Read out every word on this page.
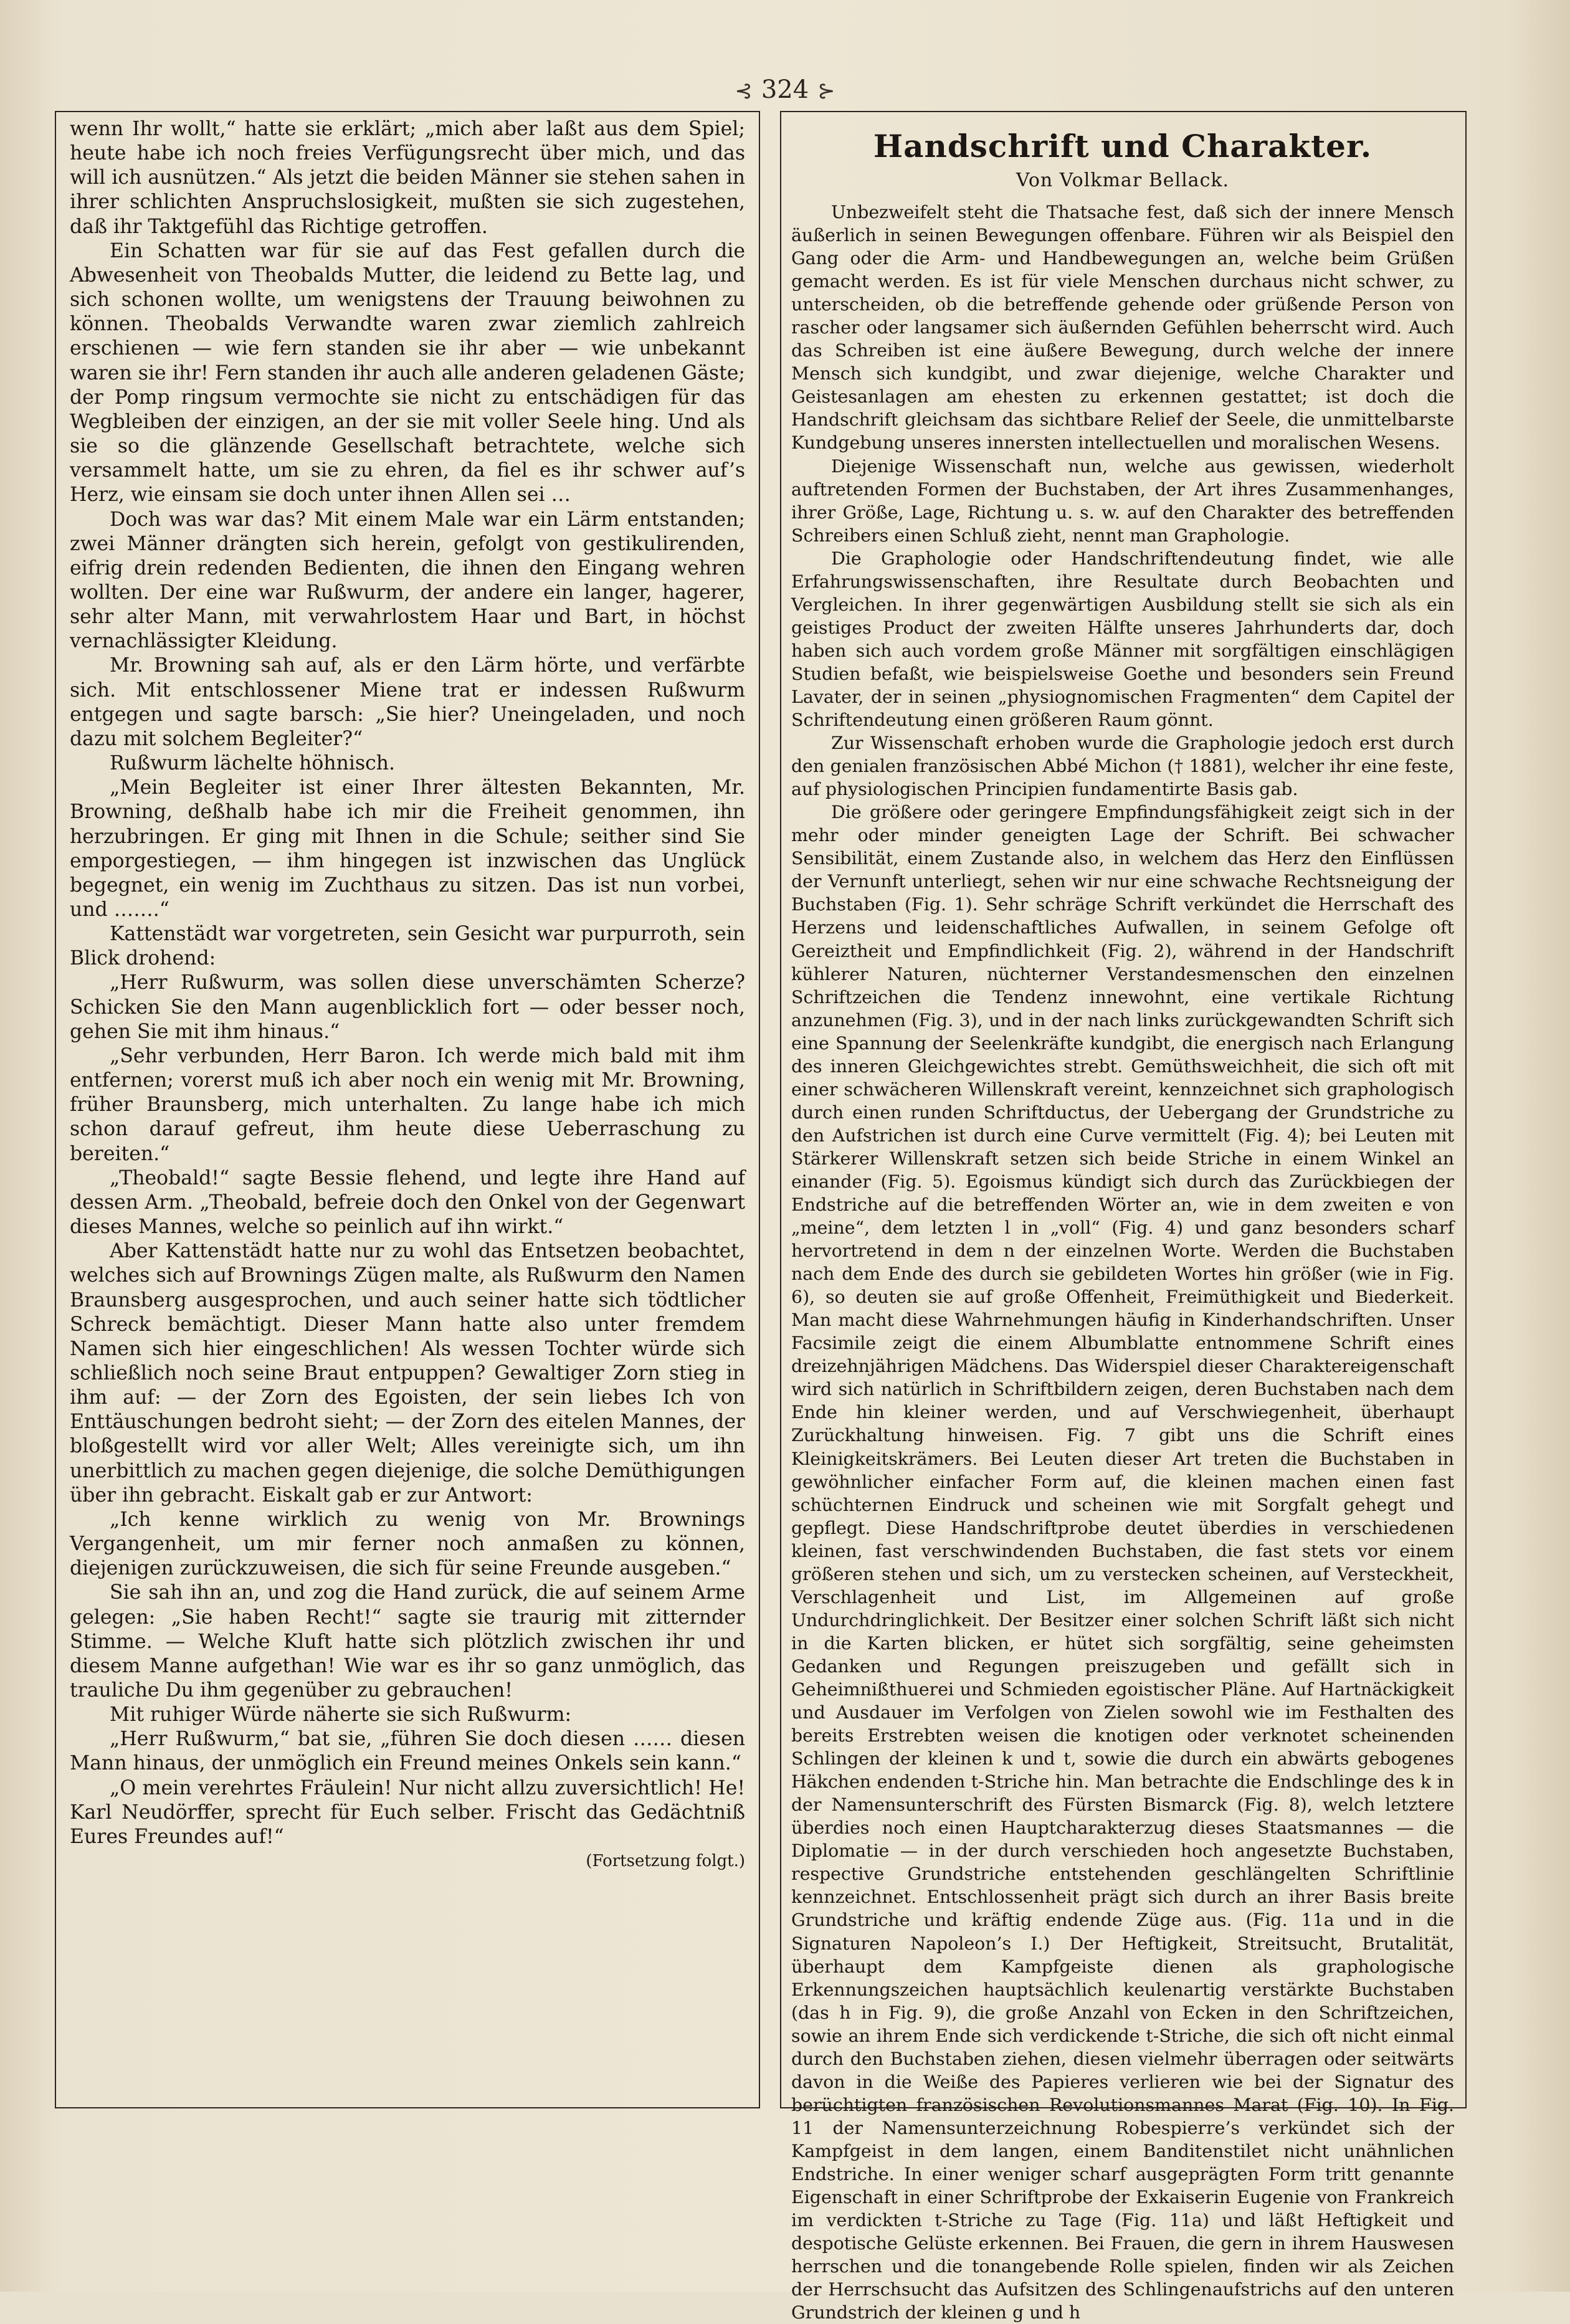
⊰ 324 ⊱

wenn Ihr wollt,“ hatte sie erklärt; „mich aber laßt aus dem Spiel; heute habe ich noch freies Verfügungsrecht über mich, und das will ich ausnützen.“ Als jetzt die beiden Männer sie stehen sahen in ihrer schlichten Anspruchslosigkeit, mußten sie sich zugestehen, daß ihr Taktgefühl das Richtige getroffen.

Ein Schatten war für sie auf das Fest gefallen durch die Abwesenheit von Theobalds Mutter, die leidend zu Bette lag, und sich schonen wollte, um wenigstens der Trauung beiwohnen zu können. Theobalds Verwandte waren zwar ziemlich zahlreich erschienen — wie fern standen sie ihr aber — wie unbekannt waren sie ihr! Fern standen ihr auch alle anderen geladenen Gäste; der Pomp ringsum vermochte sie nicht zu entschädigen für das Wegbleiben der einzigen, an der sie mit voller Seele hing. Und als sie so die glänzende Gesellschaft betrachtete, welche sich versammelt hatte, um sie zu ehren, da fiel es ihr schwer auf’s Herz, wie einsam sie doch unter ihnen Allen sei …

Doch was war das? Mit einem Male war ein Lärm entstanden; zwei Männer drängten sich herein, gefolgt von gestikulirenden, eifrig drein redenden Bedienten, die ihnen den Eingang wehren wollten. Der eine war Rußwurm, der andere ein langer, hagerer, sehr alter Mann, mit verwahrlostem Haar und Bart, in höchst vernachlässigter Kleidung.

Mr. Browning sah auf, als er den Lärm hörte, und verfärbte sich. Mit entschlossener Miene trat er indessen Rußwurm entgegen und sagte barsch: „Sie hier? Uneingeladen, und noch dazu mit solchem Begleiter?“

Rußwurm lächelte höhnisch.

„Mein Begleiter ist einer Ihrer ältesten Bekannten, Mr. Browning, deßhalb habe ich mir die Freiheit genommen, ihn herzubringen. Er ging mit Ihnen in die Schule; seither sind Sie emporgestiegen, — ihm hingegen ist inzwischen das Unglück begegnet, ein wenig im Zuchthaus zu sitzen. Das ist nun vorbei, und …….“

Kattenstädt war vorgetreten, sein Gesicht war purpurroth, sein Blick drohend:

„Herr Rußwurm, was sollen diese unverschämten Scherze? Schicken Sie den Mann augenblicklich fort — oder besser noch, gehen Sie mit ihm hinaus.“

„Sehr verbunden, Herr Baron. Ich werde mich bald mit ihm entfernen; vorerst muß ich aber noch ein wenig mit Mr. Browning, früher Braunsberg, mich unterhalten. Zu lange habe ich mich schon darauf gefreut, ihm heute diese Ueberraschung zu bereiten.“

„Theobald!“ sagte Bessie flehend, und legte ihre Hand auf dessen Arm. „Theobald, befreie doch den Onkel von der Gegenwart dieses Mannes, welche so peinlich auf ihn wirkt.“

Aber Kattenstädt hatte nur zu wohl das Entsetzen beobachtet, welches sich auf Brownings Zügen malte, als Rußwurm den Namen Braunsberg ausgesprochen, und auch seiner hatte sich tödtlicher Schreck bemächtigt. Dieser Mann hatte also unter fremdem Namen sich hier eingeschlichen! Als wessen Tochter würde sich schließlich noch seine Braut entpuppen? Gewaltiger Zorn stieg in ihm auf: — der Zorn des Egoisten, der sein liebes Ich von Enttäuschungen bedroht sieht; — der Zorn des eitelen Mannes, der bloßgestellt wird vor aller Welt; Alles vereinigte sich, um ihn unerbittlich zu machen gegen diejenige, die solche Demüthigungen über ihn gebracht. Eiskalt gab er zur Antwort:

„Ich kenne wirklich zu wenig von Mr. Brownings Vergangenheit, um mir ferner noch anmaßen zu können, diejenigen zurückzuweisen, die sich für seine Freunde ausgeben.“

Sie sah ihn an, und zog die Hand zurück, die auf seinem Arme gelegen: „Sie haben Recht!“ sagte sie traurig mit zitternder Stimme. — Welche Kluft hatte sich plötzlich zwischen ihr und diesem Manne aufgethan! Wie war es ihr so ganz unmöglich, das trauliche Du ihm gegenüber zu gebrauchen!

Mit ruhiger Würde näherte sie sich Rußwurm:

„Herr Rußwurm,“ bat sie, „führen Sie doch diesen …… diesen Mann hinaus, der unmöglich ein Freund meines Onkels sein kann.“

„O mein verehrtes Fräulein! Nur nicht allzu zuversichtlich! He! Karl Neudörffer, sprecht für Euch selber. Frischt das Gedächtniß Eures Freundes auf!“

(Fortsetzung folgt.)

Handschrift und Charakter.
Von Volkmar Bellack.

Unbezweifelt steht die Thatsache fest, daß sich der innere Mensch äußerlich in seinen Bewegungen offenbare. Führen wir als Beispiel den Gang oder die Arm- und Handbewegungen an, welche beim Grüßen gemacht werden. Es ist für viele Menschen durchaus nicht schwer, zu unterscheiden, ob die betreffende gehende oder grüßende Person von rascher oder langsamer sich äußernden Gefühlen beherrscht wird. Auch das Schreiben ist eine äußere Bewegung, durch welche der innere Mensch sich kundgibt, und zwar diejenige, welche Charakter und Geistesanlagen am ehesten zu erkennen gestattet; ist doch die Handschrift gleichsam das sichtbare Relief der Seele, die unmittelbarste Kundgebung unseres innersten intellectuellen und moralischen Wesens.

Diejenige Wissenschaft nun, welche aus gewissen, wiederholt auftretenden Formen der Buchstaben, der Art ihres Zusammenhanges, ihrer Größe, Lage, Richtung u. s. w. auf den Charakter des betreffenden Schreibers einen Schluß zieht, nennt man Graphologie.

Die Graphologie oder Handschriftendeutung findet, wie alle Erfahrungswissenschaften, ihre Resultate durch Beobachten und Vergleichen. In ihrer gegenwärtigen Ausbildung stellt sie sich als ein geistiges Product der zweiten Hälfte unseres Jahrhunderts dar, doch haben sich auch vordem große Männer mit sorgfältigen einschlägigen Studien befaßt, wie beispielsweise Goethe und besonders sein Freund Lavater, der in seinen „physiognomischen Fragmenten“ dem Capitel der Schriftendeutung einen größeren Raum gönnt.

Zur Wissenschaft erhoben wurde die Graphologie jedoch erst durch den genialen französischen Abbé Michon († 1881), welcher ihr eine feste, auf physiologischen Principien fundamentirte Basis gab.

Die größere oder geringere Empfindungsfähigkeit zeigt sich in der mehr oder minder geneigten Lage der Schrift. Bei schwacher Sensibilität, einem Zustande also, in welchem das Herz den Einflüssen der Vernunft unterliegt, sehen wir nur eine schwache Rechtsneigung der Buchstaben (Fig. 1). Sehr schräge Schrift verkündet die Herrschaft des Herzens und leidenschaftliches Aufwallen, in seinem Gefolge oft Gereiztheit und Empfindlichkeit (Fig. 2), während in der Handschrift kühlerer Naturen, nüchterner Verstandesmenschen den einzelnen Schriftzeichen die Tendenz innewohnt, eine vertikale Richtung anzunehmen (Fig. 3), und in der nach links zurückgewandten Schrift sich eine Spannung der Seelenkräfte kundgibt, die energisch nach Erlangung des inneren Gleichgewichtes strebt. Gemüthsweichheit, die sich oft mit einer schwächeren Willenskraft vereint, kennzeichnet sich graphologisch durch einen runden Schriftductus, der Uebergang der Grundstriche zu den Aufstrichen ist durch eine Curve vermittelt (Fig. 4); bei Leuten mit Stärkerer Willenskraft setzen sich beide Striche in einem Winkel an einander (Fig. 5). Egoismus kündigt sich durch das Zurückbiegen der Endstriche auf die betreffenden Wörter an, wie in dem zweiten e von „meine“, dem letzten l in „voll“ (Fig. 4) und ganz besonders scharf hervortretend in dem n der einzelnen Worte. Werden die Buchstaben nach dem Ende des durch sie gebildeten Wortes hin größer (wie in Fig. 6), so deuten sie auf große Offenheit, Freimüthigkeit und Biederkeit. Man macht diese Wahrnehmungen häufig in Kinderhandschriften. Unser Facsimile zeigt die einem Albumblatte entnommene Schrift eines dreizehnjährigen Mädchens. Das Widerspiel dieser Charaktereigenschaft wird sich natürlich in Schriftbildern zeigen, deren Buchstaben nach dem Ende hin kleiner werden, und auf Verschwiegenheit, überhaupt Zurückhaltung hinweisen. Fig. 7 gibt uns die Schrift eines Kleinigkeitskrämers. Bei Leuten dieser Art treten die Buchstaben in gewöhnlicher einfacher Form auf, die kleinen machen einen fast schüchternen Eindruck und scheinen wie mit Sorgfalt gehegt und gepflegt. Diese Handschriftprobe deutet überdies in verschiedenen kleinen, fast verschwindenden Buchstaben, die fast stets vor einem größeren stehen und sich, um zu verstecken scheinen, auf Versteckheit, Verschlagenheit und List, im Allgemeinen auf große Undurchdringlichkeit. Der Besitzer einer solchen Schrift läßt sich nicht in die Karten blicken, er hütet sich sorgfältig, seine geheimsten Gedanken und Regungen preiszugeben und gefällt sich in Geheimnißthuerei und Schmieden egoistischer Pläne. Auf Hartnäckigkeit und Ausdauer im Verfolgen von Zielen sowohl wie im Festhalten des bereits Erstrebten weisen die knotigen oder verknotet scheinenden Schlingen der kleinen k und t, sowie die durch ein abwärts gebogenes Häkchen endenden t-Striche hin. Man betrachte die Endschlinge des k in der Namensunterschrift des Fürsten Bismarck (Fig. 8), welch letztere überdies noch einen Hauptcharakterzug dieses Staatsmannes — die Diplomatie — in der durch verschieden hoch angesetzte Buchstaben, respective Grundstriche entstehenden geschlängelten Schriftlinie kennzeichnet. Entschlossenheit prägt sich durch an ihrer Basis breite Grundstriche und kräftig endende Züge aus. (Fig. 11a und in die Signaturen Napoleon’s I.) Der Heftigkeit, Streitsucht, Brutalität, überhaupt dem Kampfgeiste dienen als graphologische Erkennungszeichen hauptsächlich keulenartig verstärkte Buchstaben (das h in Fig. 9), die große Anzahl von Ecken in den Schriftzeichen, sowie an ihrem Ende sich verdickende t-Striche, die sich oft nicht einmal durch den Buchstaben ziehen, diesen vielmehr überragen oder seitwärts davon in die Weiße des Papieres verlieren wie bei der Signatur des berüchtigten französischen Revolutionsmannes Marat (Fig. 10). In Fig. 11 der Namensunterzeichnung Robespierre’s verkündet sich der Kampfgeist in dem langen, einem Banditenstilet nicht unähnlichen Endstriche. In einer weniger scharf ausgeprägten Form tritt genannte Eigenschaft in einer Schriftprobe der Exkaiserin Eugenie von Frankreich im verdickten t-Striche zu Tage (Fig. 11a) und läßt Heftigkeit und despotische Gelüste erkennen. Bei Frauen, die gern in ihrem Hauswesen herrschen und die tonangebende Rolle spielen, finden wir als Zeichen der Herrschsucht das Aufsitzen des Schlingenaufstrichs auf den unteren Grundstrich der kleinen g und h
